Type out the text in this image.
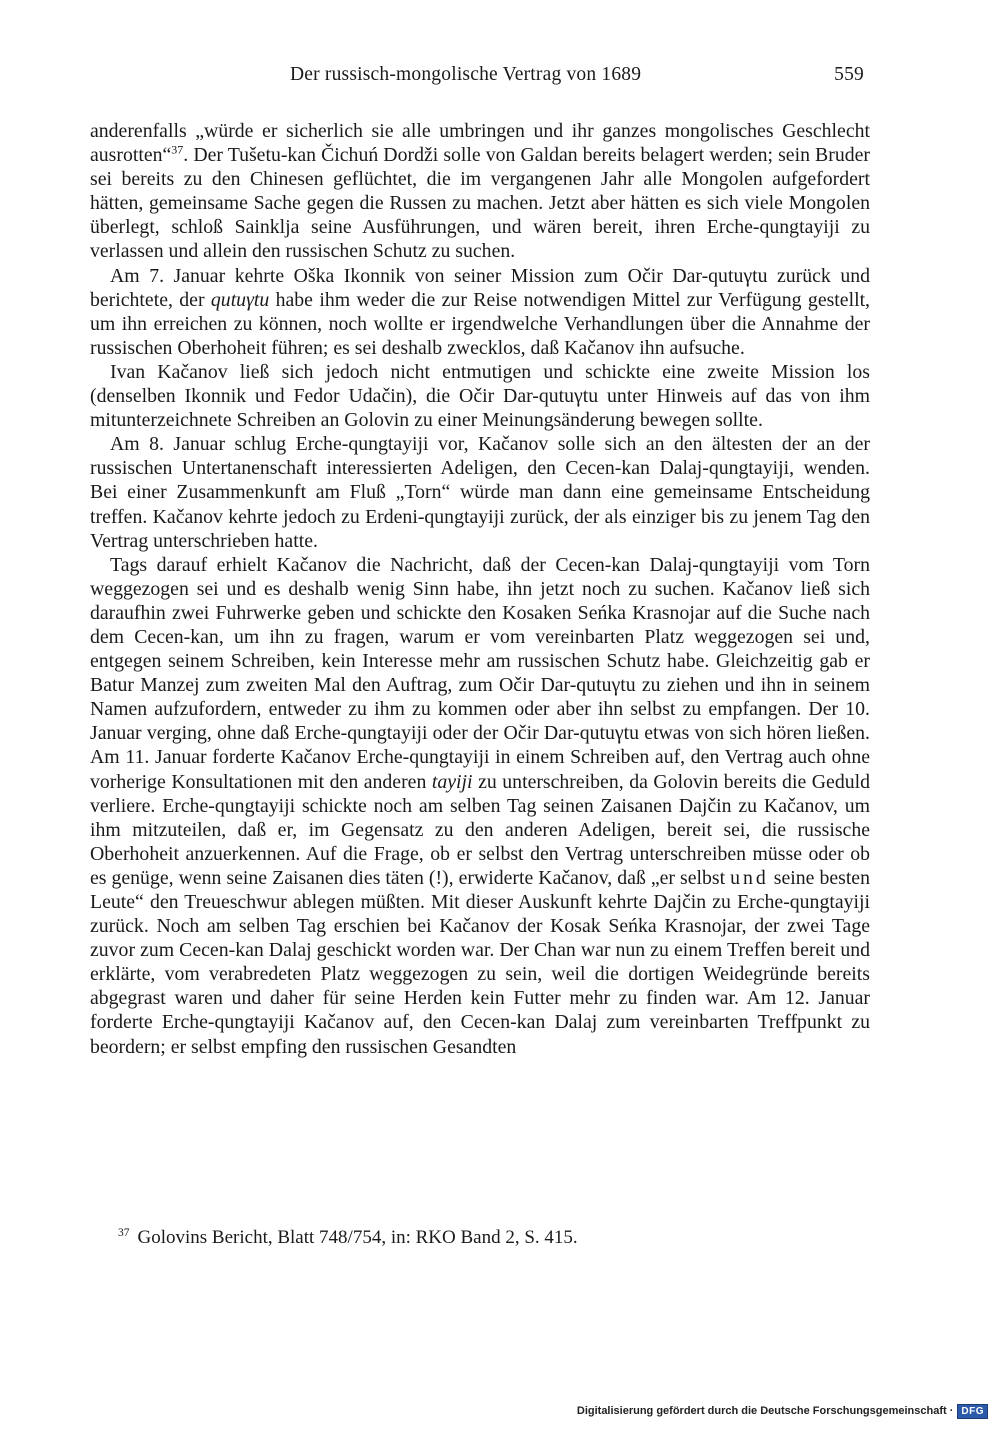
Der russisch-mongolische Vertrag von 1689	559

anderenfalls „würde er sicherlich sie alle umbringen und ihr ganzes mongolisches Geschlecht ausrotten“$^{37}$. Der Tušetu-kan Čichuń Dordži solle von Galdan bereits belagert werden; sein Bruder sei bereits zu den Chinesen geflüchtet, die im vergangenen Jahr alle Mongolen aufgefordert hätten, gemeinsame Sache gegen die Russen zu machen. Jetzt aber hätten es sich viele Mongolen überlegt, schloß Sainklja seine Ausführungen, und wären bereit, ihren Erche-qungtayiji zu verlassen und allein den russischen Schutz zu suchen.

Am 7. Januar kehrte Oška Ikonnik von seiner Mission zum Očir Dar-qutuγtu zurück und berichtete, der qutuγtu habe ihm weder die zur Reise notwendigen Mittel zur Verfügung gestellt, um ihn erreichen zu können, noch wollte er irgendwelche Verhandlungen über die Annahme der russischen Oberhoheit führen; es sei deshalb zwecklos, daß Kačanov ihn aufsuche.

Ivan Kačanov ließ sich jedoch nicht entmutigen und schickte eine zweite Mission los (denselben Ikonnik und Fedor Udačin), die Očir Dar-qutuγtu unter Hinweis auf das von ihm mitunterzeichnete Schreiben an Golovin zu einer Meinungsänderung bewegen sollte.

Am 8. Januar schlug Erche-qungtayiji vor, Kačanov solle sich an den ältesten der an der russischen Untertanenschaft interessierten Adeligen, den Cecen-kan Dalaj-qungtayiji, wenden. Bei einer Zusammenkunft am Fluß „Torn“ würde man dann eine gemeinsame Entscheidung treffen. Kačanov kehrte jedoch zu Erdeni-qungtayiji zurück, der als einziger bis zu jenem Tag den Vertrag unterschrieben hatte.

Tags darauf erhielt Kačanov die Nachricht, daß der Cecen-kan Dalaj-qungtayiji vom Torn weggezogen sei und es deshalb wenig Sinn habe, ihn jetzt noch zu suchen. Kačanov ließ sich daraufhin zwei Fuhrwerke geben und schickte den Kosaken Seńka Krasnojar auf die Suche nach dem Cecen-kan, um ihn zu fragen, warum er vom vereinbarten Platz weggezogen sei und, entgegen seinem Schreiben, kein Interesse mehr am russischen Schutz habe. Gleichzeitig gab er Batur Manzej zum zweiten Mal den Auftrag, zum Očir Dar-qutuγtu zu ziehen und ihn in seinem Namen aufzufordern, entweder zu ihm zu kommen oder aber ihn selbst zu empfangen. Der 10. Januar verging, ohne daß Erche-qungtayiji oder der Očir Dar-qutuγtu etwas von sich hören ließen. Am 11. Januar forderte Kačanov Erche-qungtayiji in einem Schreiben auf, den Vertrag auch ohne vorherige Konsultationen mit den anderen tayiji zu unterschreiben, da Golovin bereits die Geduld verliere. Erche-qungtayiji schickte noch am selben Tag seinen Zaisanen Dajčin zu Kačanov, um ihm mitzuteilen, daß er, im Gegensatz zu den anderen Adeligen, bereit sei, die russische Oberhoheit anzuerkennen. Auf die Frage, ob er selbst den Vertrag unterschreiben müsse oder ob es genüge, wenn seine Zaisanen dies täten (!), erwiderte Kačanov, daß „er selbst und seine besten Leute“ den Treueschwur ablegen müßten. Mit dieser Auskunft kehrte Dajčin zu Erche-qungtayiji zurück. Noch am selben Tag erschien bei Kačanov der Kosak Seńka Krasnojar, der zwei Tage zuvor zum Cecen-kan Dalaj geschickt worden war. Der Chan war nun zu einem Treffen bereit und erklärte, vom verabredeten Platz weggezogen zu sein, weil die dortigen Weidegründe bereits abgegrast waren und daher für seine Herden kein Futter mehr zu finden war. Am 12. Januar forderte Erche-qungtayiji Kačanov auf, den Cecen-kan Dalaj zum vereinbarten Treffpunkt zu beordern; er selbst empfing den russischen Gesandten

$^{37}$ Golovins Bericht, Blatt 748/754, in: RKO Band 2, S. 415.
Digitalisierung gefördert durch die Deutsche Forschungsgemeinschaft · DFG
